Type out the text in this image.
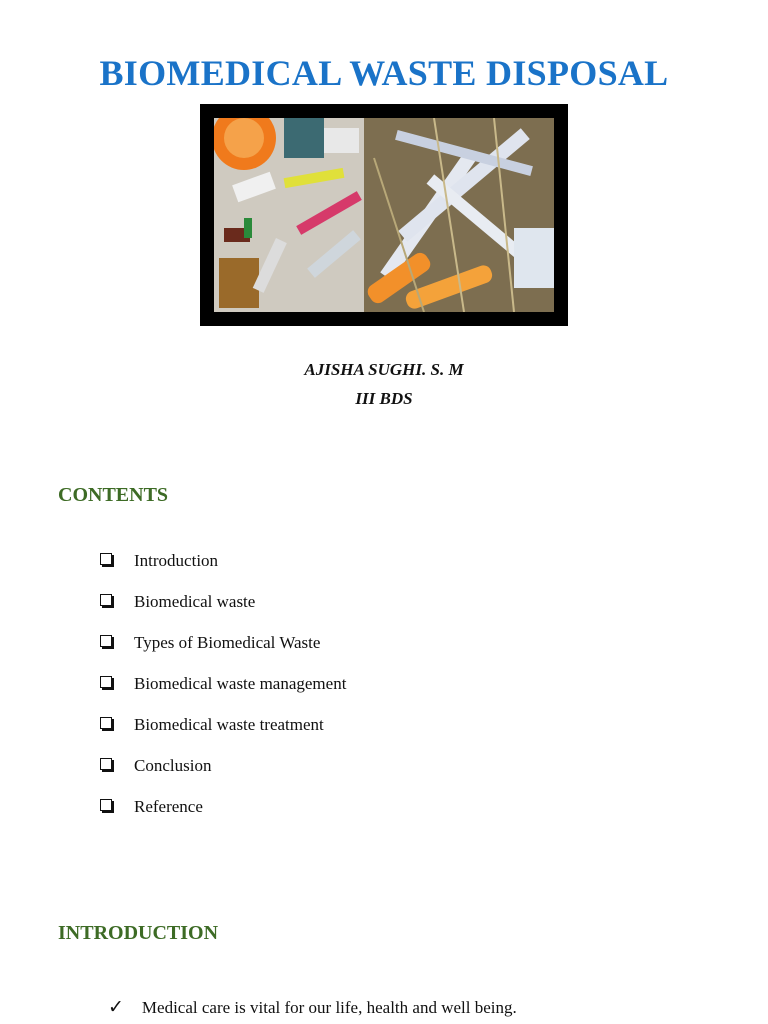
BIOMEDICAL WASTE DISPOSAL

AJISHA SUGHI. S. M

III BDS

CONTENTS
Introduction
Biomedical waste
Types of Biomedical Waste
Biomedical waste management
Biomedical waste treatment
Conclusion
Reference
INTRODUCTION
✓ Medical care is vital for our life, health and well being.
